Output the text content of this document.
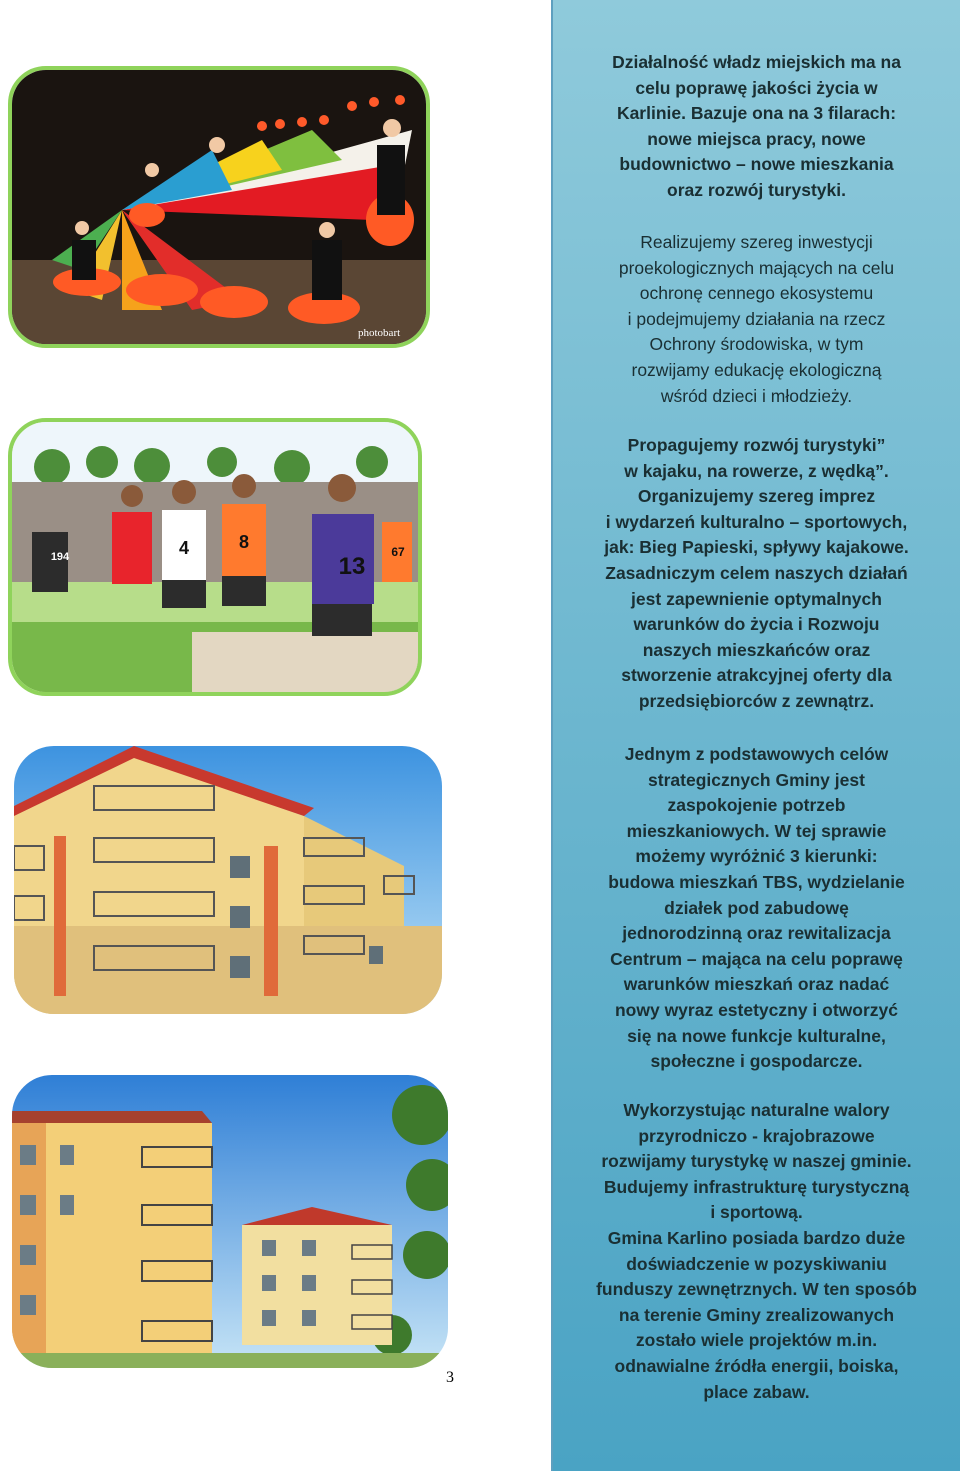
photobart
4	8
13
194	67
3
Działalność władz miejskich ma na
celu poprawę jakości życia w
Karlinie. Bazuje ona na 3 filarach:
nowe miejsca pracy, nowe
budownictwo – nowe mieszkania
oraz rozwój turystyki.
Realizujemy szereg inwestycji
proekologicznych mających na celu
ochronę cennego ekosystemu
i podejmujemy działania na rzecz
Ochrony środowiska, w tym
rozwijamy edukację ekologiczną
wśród dzieci i młodzieży.
Propagujemy rozwój turystyki”
w kajaku, na rowerze, z wędką”.
Organizujemy szereg imprez
i wydarzeń kulturalno – sportowych,
jak: Bieg Papieski, spływy kajakowe.
Zasadniczym celem naszych działań
jest zapewnienie optymalnych
warunków do życia i Rozwoju
naszych mieszkańców oraz
stworzenie atrakcyjnej oferty dla
przedsiębiorców z zewnątrz.
Jednym z podstawowych celów
strategicznych Gminy jest
zaspokojenie potrzeb
mieszkaniowych. W tej sprawie
możemy wyróżnić 3 kierunki:
budowa mieszkań TBS, wydzielanie
działek pod zabudowę
jednorodzinną oraz rewitalizacja
Centrum – mająca na celu poprawę
warunków mieszkań oraz nadać
nowy wyraz estetyczny i otworzyć
się na nowe funkcje kulturalne,
społeczne i gospodarcze.
Wykorzystując naturalne walory
przyrodniczo - krajobrazowe
rozwijamy turystykę w naszej gminie.
Budujemy infrastrukturę turystyczną
i sportową.
Gmina Karlino posiada bardzo duże
doświadczenie w pozyskiwaniu
funduszy zewnętrznych. W ten sposób
na terenie Gminy zrealizowanych
zostało wiele projektów m.in.
odnawialne źródła energii, boiska,
place zabaw.
